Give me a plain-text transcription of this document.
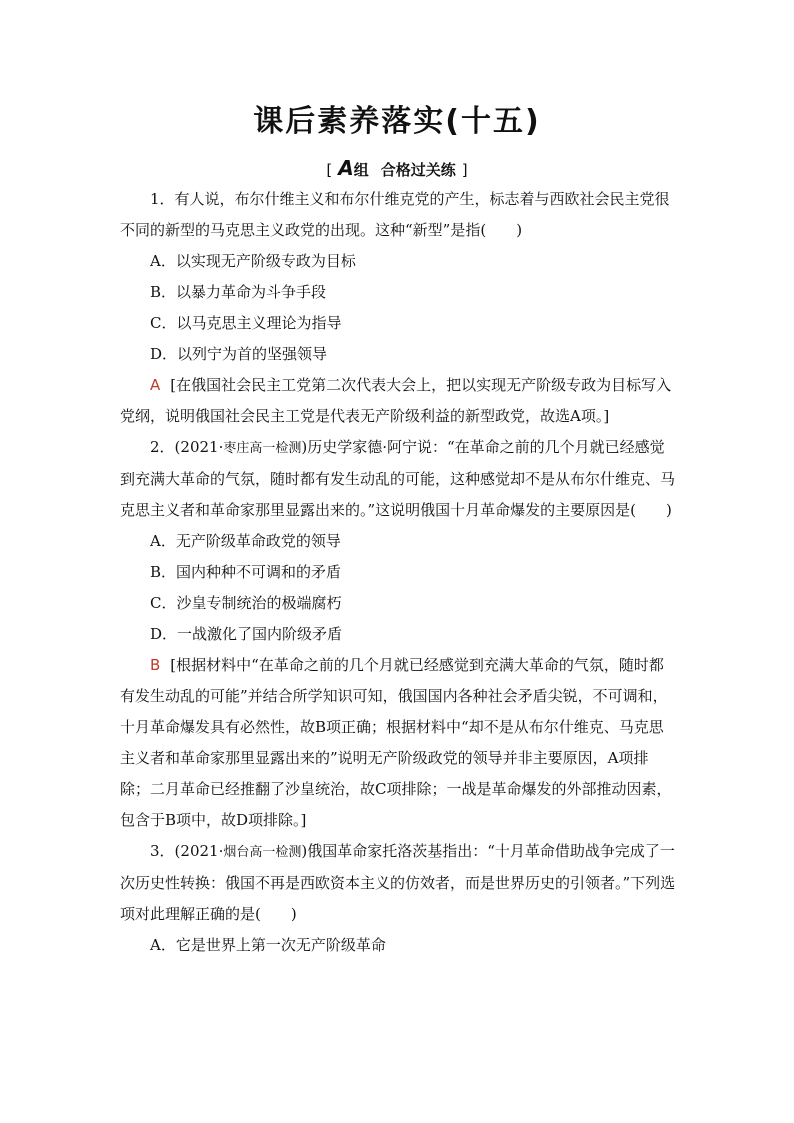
课后素养落实(十五)
[ A组 合格过关练 ]

1．有人说，布尔什维主义和布尔什维克党的产生，标志着与西欧社会民主党很不同的新型的马克思主义政党的出现。这种“新型”是指(　　)

A．以实现无产阶级专政为目标

B．以暴力革命为斗争手段

C．以马克思主义理论为指导

D．以列宁为首的坚强领导

A [在俄国社会民主工党第二次代表大会上，把以实现无产阶级专政为目标写入党纲，说明俄国社会民主工党是代表无产阶级利益的新型政党，故选A项。]

2．(2021·枣庄高一检测)历史学家德·阿宁说：“在革命之前的几个月就已经感觉到充满大革命的气氛，随时都有发生动乱的可能，这种感觉却不是从布尔什维克、马克思主义者和革命家那里显露出来的。”这说明俄国十月革命爆发的主要原因是(　　)

A．无产阶级革命政党的领导

B．国内种种不可调和的矛盾

C．沙皇专制统治的极端腐朽

D．一战激化了国内阶级矛盾

B [根据材料中“在革命之前的几个月就已经感觉到充满大革命的气氛，随时都有发生动乱的可能”并结合所学知识可知，俄国国内各种社会矛盾尖锐，不可调和，十月革命爆发具有必然性，故B项正确；根据材料中“却不是从布尔什维克、马克思主义者和革命家那里显露出来的”说明无产阶级政党的领导并非主要原因，A项排除；二月革命已经推翻了沙皇统治，故C项排除；一战是革命爆发的外部推动因素，包含于B项中，故D项排除。]

3．(2021·烟台高一检测)俄国革命家托洛茨基指出：“十月革命借助战争完成了一次历史性转换：俄国不再是西欧资本主义的仿效者，而是世界历史的引领者。”下列选项对此理解正确的是(　　)

A．它是世界上第一次无产阶级革命
